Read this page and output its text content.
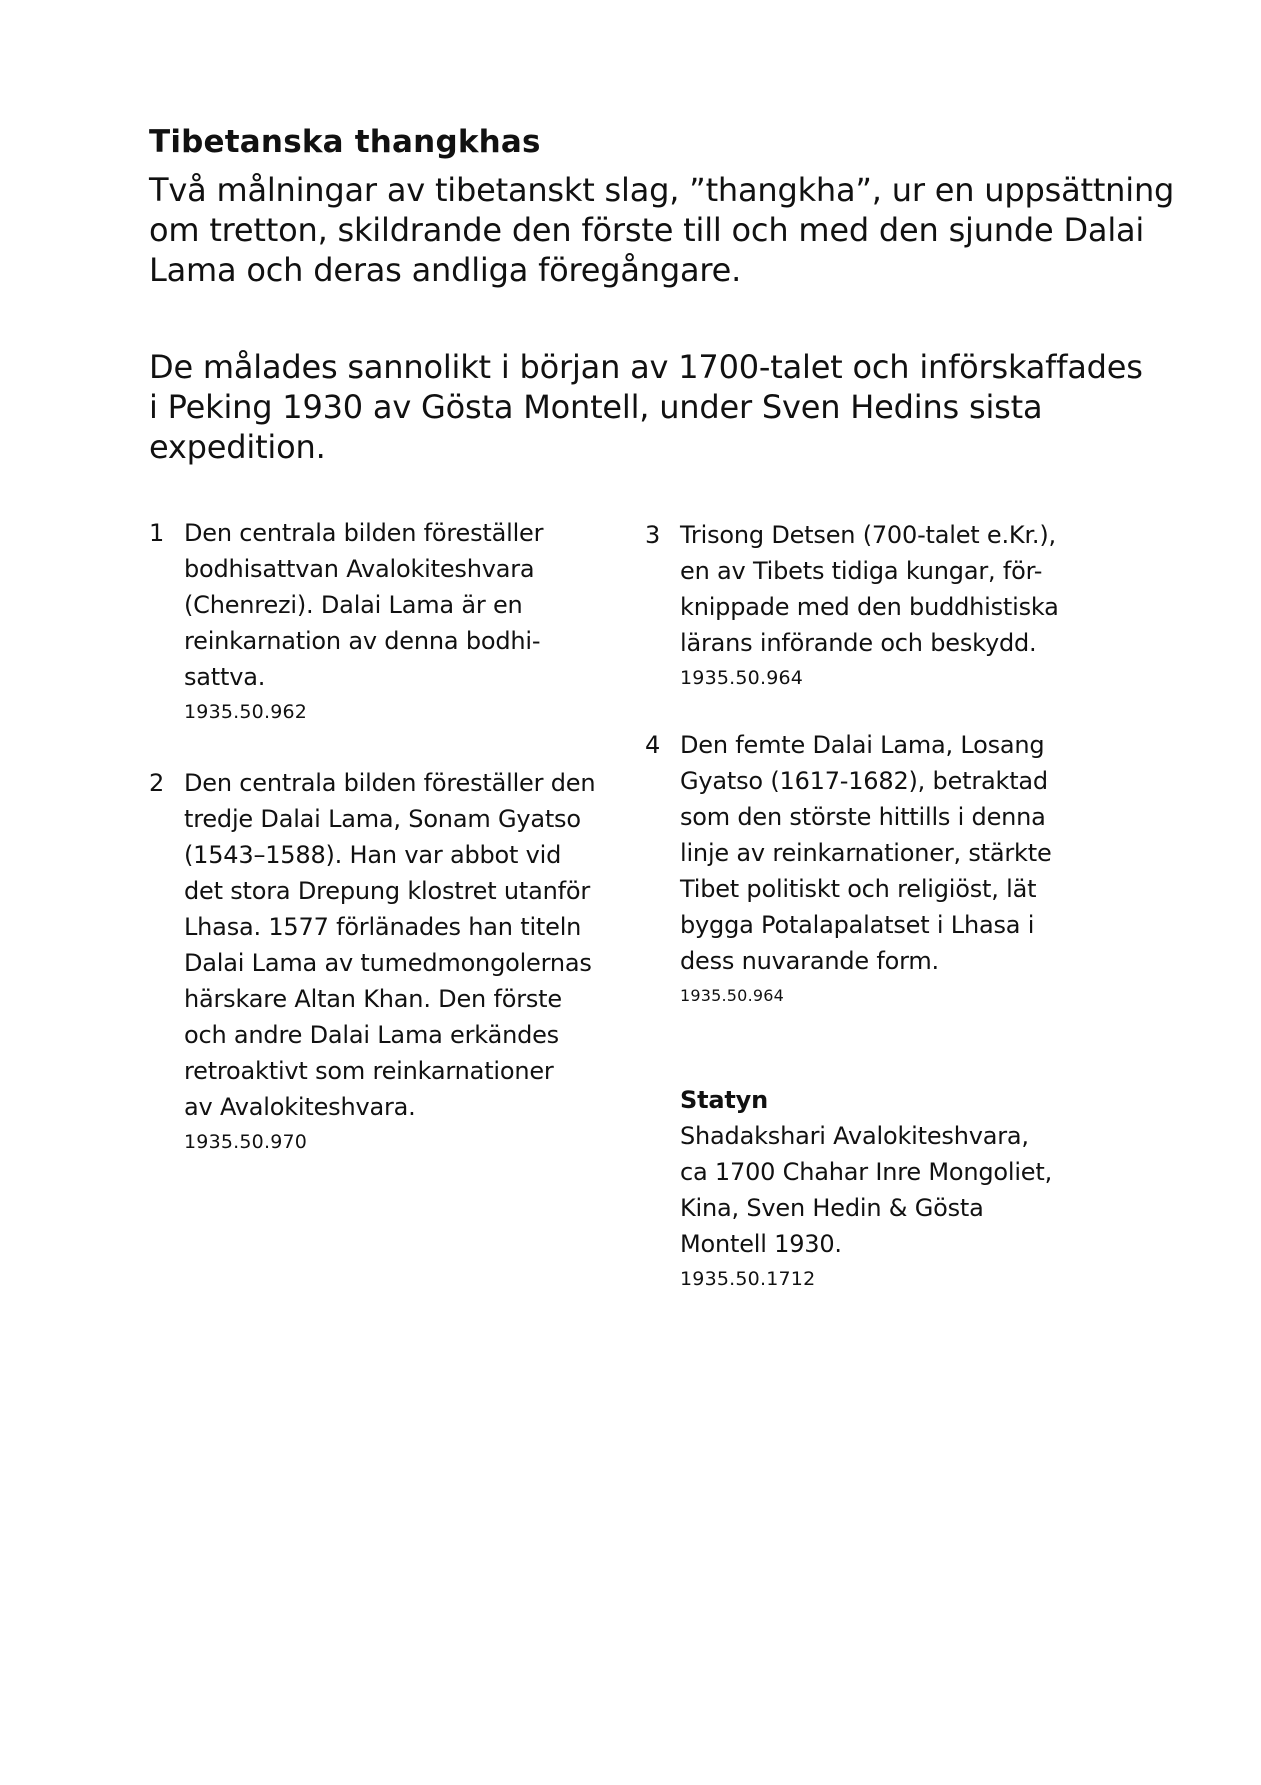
Tibetanska thangkhas
Två målningar av tibetanskt slag, ”thangkha”, ur en uppsättning
om tretton, skildrande den förste till och med den sjunde Dalai
Lama och deras andliga föregångare.
De målades sannolikt i början av 1700-talet och införskaffades
i Peking 1930 av Gösta Montell, under Sven Hedins sista
expedition.
1 Den centrala bilden föreställer
bodhisattvan Avalokiteshvara
(Chenrezi). Dalai Lama är en
reinkarnation av denna bodhi-
sattva.
1935.50.962
2 Den centrala bilden föreställer den
tredje Dalai Lama, Sonam Gyatso
(1543–1588). Han var abbot vid
det stora Drepung klostret utanför
Lhasa. 1577 förlänades han titeln
Dalai Lama av tumedmongolernas
härskare Altan Khan. Den förste
och andre Dalai Lama erkändes
retroaktivt som reinkarnationer
av Avalokiteshvara.
1935.50.970
3 Trisong Detsen (700-talet e.Kr.),
en av Tibets tidiga kungar, för-
knippade med den buddhistiska
lärans införande och beskydd.
1935.50.964
4 Den femte Dalai Lama, Losang
Gyatso (1617-1682), betraktad
som den störste hittills i denna
linje av reinkarnationer, stärkte
Tibet politiskt och religiöst, lät
bygga Potalapalatset i Lhasa i
dess nuvarande form.
1935.50.964
Statyn
Shadakshari Avalokiteshvara,
ca 1700 Chahar Inre Mongoliet,
Kina, Sven Hedin & Gösta
Montell 1930.
1935.50.1712
